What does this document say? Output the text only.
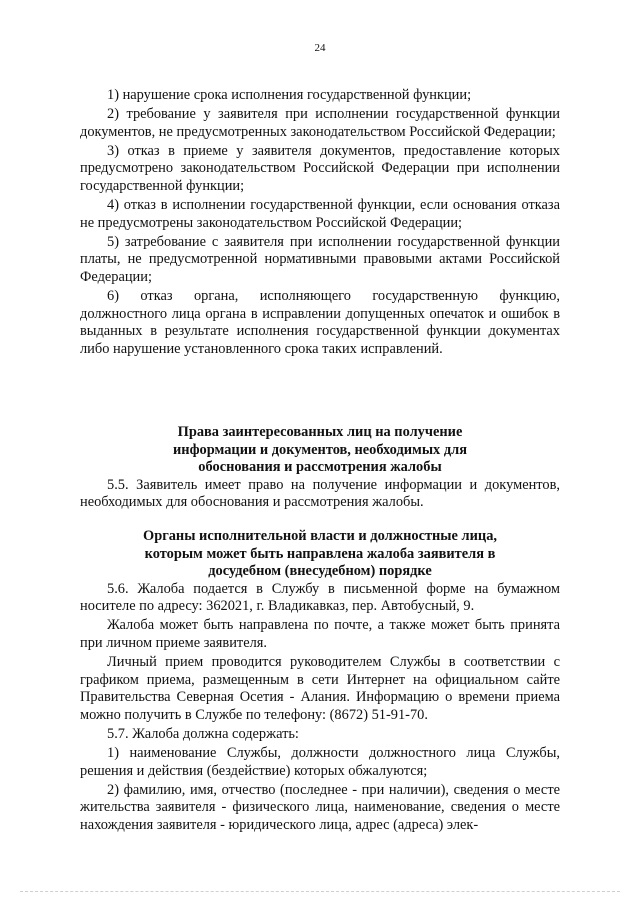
24

1) нарушение срока исполнения государственной функции;

2) требование у заявителя при исполнении государственной функции документов, не предусмотренных законодательством Российской Федерации;

3) отказ в приеме у заявителя документов, предоставление которых предусмотрено законодательством Российской Федерации при исполнении государственной функции;

4) отказ в исполнении государственной функции, если основания отказа не предусмотрены законодательством Российской Федерации;

5) затребование с заявителя при исполнении государственной функции платы, не предусмотренной нормативными правовыми актами Российской Федерации;

6) отказ органа, исполняющего государственную функцию, должностного лица органа в исправлении допущенных опечаток и ошибок в выданных в результате исполнения государственной функции документах либо нарушение установленного срока таких исправлений.

Права заинтересованных лиц на получение

информации и документов, необходимых для

обоснования и рассмотрения жалобы

5.5. Заявитель имеет право на получение информации и документов, необходимых для обоснования и рассмотрения жалобы.

Органы исполнительной власти и должностные лица,

которым может быть направлена жалоба заявителя в

досудебном (внесудебном) порядке

5.6. Жалоба подается в Службу в письменной форме на бумажном носителе по адресу: 362021, г. Владикавказ, пер. Автобусный, 9.

Жалоба может быть направлена по почте, а также может быть принята при личном приеме заявителя.

Личный прием проводится руководителем Службы в соответствии с графиком приема, размещенным в сети Интернет на официальном сайте Правительства Северная Осетия - Алания. Информацию о времени приема можно получить в Службе по телефону: (8672) 51-91-70.

5.7. Жалоба должна содержать:

1) наименование Службы, должности должностного лица Службы, решения и действия (бездействие) которых обжалуются;

2) фамилию, имя, отчество (последнее - при наличии), сведения о месте жительства заявителя - физического лица, наименование, сведения о месте нахождения заявителя - юридического лица, адрес (адреса) элек-
